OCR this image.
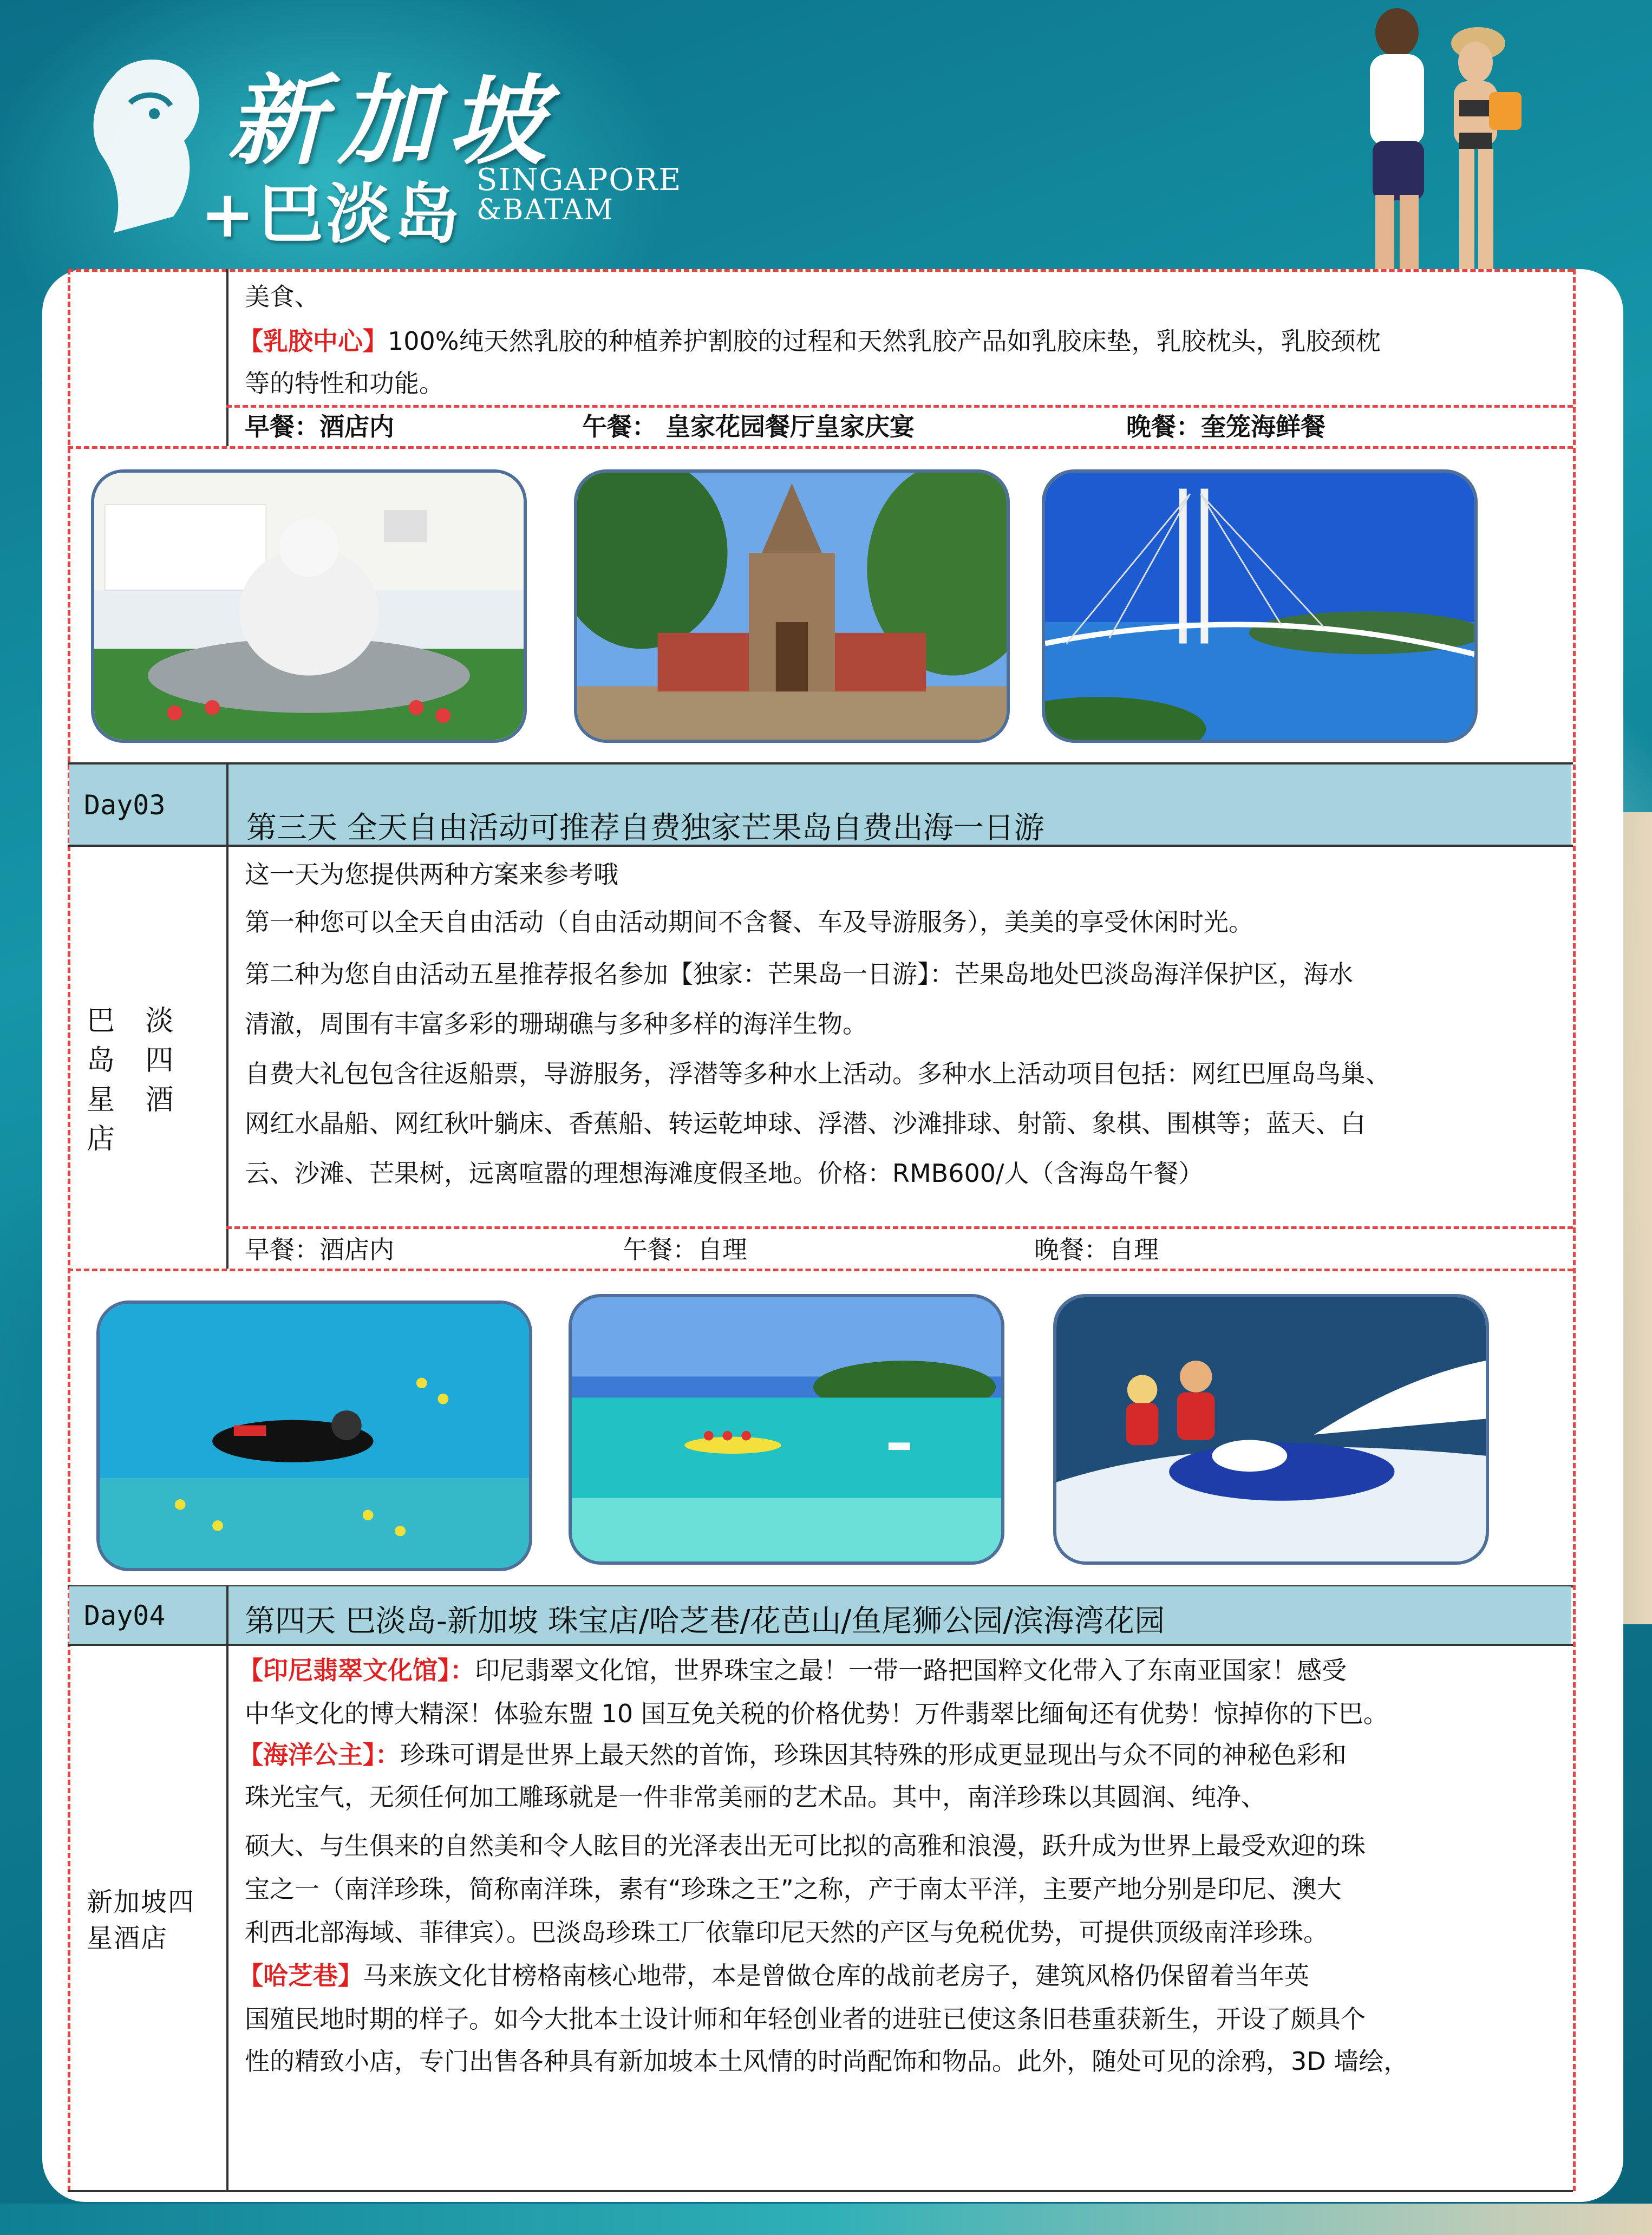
新加坡
+巴淡岛 SINGAPORE
&BATAM
Day03
第三天 全天自由活动可推荐自费独家芒果岛自费出海一日游
巴 淡 岛 四 星 酒 店
这一天为您提供两种方案来参考哦
第一种您可以全天自由活动（自由活动期间不含餐、车及导游服务），美美的享受休闲时光。
第二种为您自由活动五星推荐报名参加【独家：芒果岛一日游】：芒果岛地处巴淡岛海洋保护区，海水
清澈，周围有丰富多彩的珊瑚礁与多种多样的海洋生物。
自费大礼包包含往返船票，导游服务，浮潜等多种水上活动。多种水上活动项目包括：网红巴厘岛鸟巢、
网红水晶船、网红秋叶躺床、香蕉船、转运乾坤球、浮潜、沙滩排球、射箭、象棋、围棋等；蓝天、白
云、沙滩、芒果树，远离喧嚣的理想海滩度假圣地。价格：RMB600/人（含海岛午餐）
早餐：酒店内	午餐：自理	晚餐：自理
美食、
【乳胶中心】100%纯天然乳胶的种植养护割胶的过程和天然乳胶产品如乳胶床垫，乳胶枕头，乳胶颈枕
等的特性和功能。
早餐：酒店内	午餐： 皇家花园餐厅皇家庆宴	晚餐：奎笼海鲜餐
Day04	第四天 巴淡岛-新加坡 珠宝店/哈芝巷/花芭山/鱼尾狮公园/滨海湾花园
新加坡四星酒店
【印尼翡翠文化馆】：印尼翡翠文化馆，世界珠宝之最！一带一路把国粹文化带入了东南亚国家！感受
中华文化的博大精深！体验东盟 10 国互免关税的价格优势！万件翡翠比缅甸还有优势！惊掉你的下巴。
【海洋公主】：珍珠可谓是世界上最天然的首饰，珍珠因其特殊的形成更显现出与众不同的神秘色彩和
珠光宝气，无须任何加工雕琢就是一件非常美丽的艺术品。其中，南洋珍珠以其圆润、纯净、
硕大、与生俱来的自然美和令人眩目的光泽表出无可比拟的高雅和浪漫，跃升成为世界上最受欢迎的珠
宝之一（南洋珍珠，简称南洋珠，素有“珍珠之王”之称，产于南太平洋，主要产地分别是印尼、澳大
利西北部海域、菲律宾）。巴淡岛珍珠工厂依靠印尼天然的产区与免税优势，可提供顶级南洋珍珠。
【哈芝巷】马来族文化甘榜格南核心地带，本是曾做仓库的战前老房子，建筑风格仍保留着当年英
国殖民地时期的样子。如今大批本土设计师和年轻创业者的进驻已使这条旧巷重获新生，开设了颇具个
性的精致小店，专门出售各种具有新加坡本土风情的时尚配饰和物品。此外，随处可见的涂鸦，3D 墙绘，
